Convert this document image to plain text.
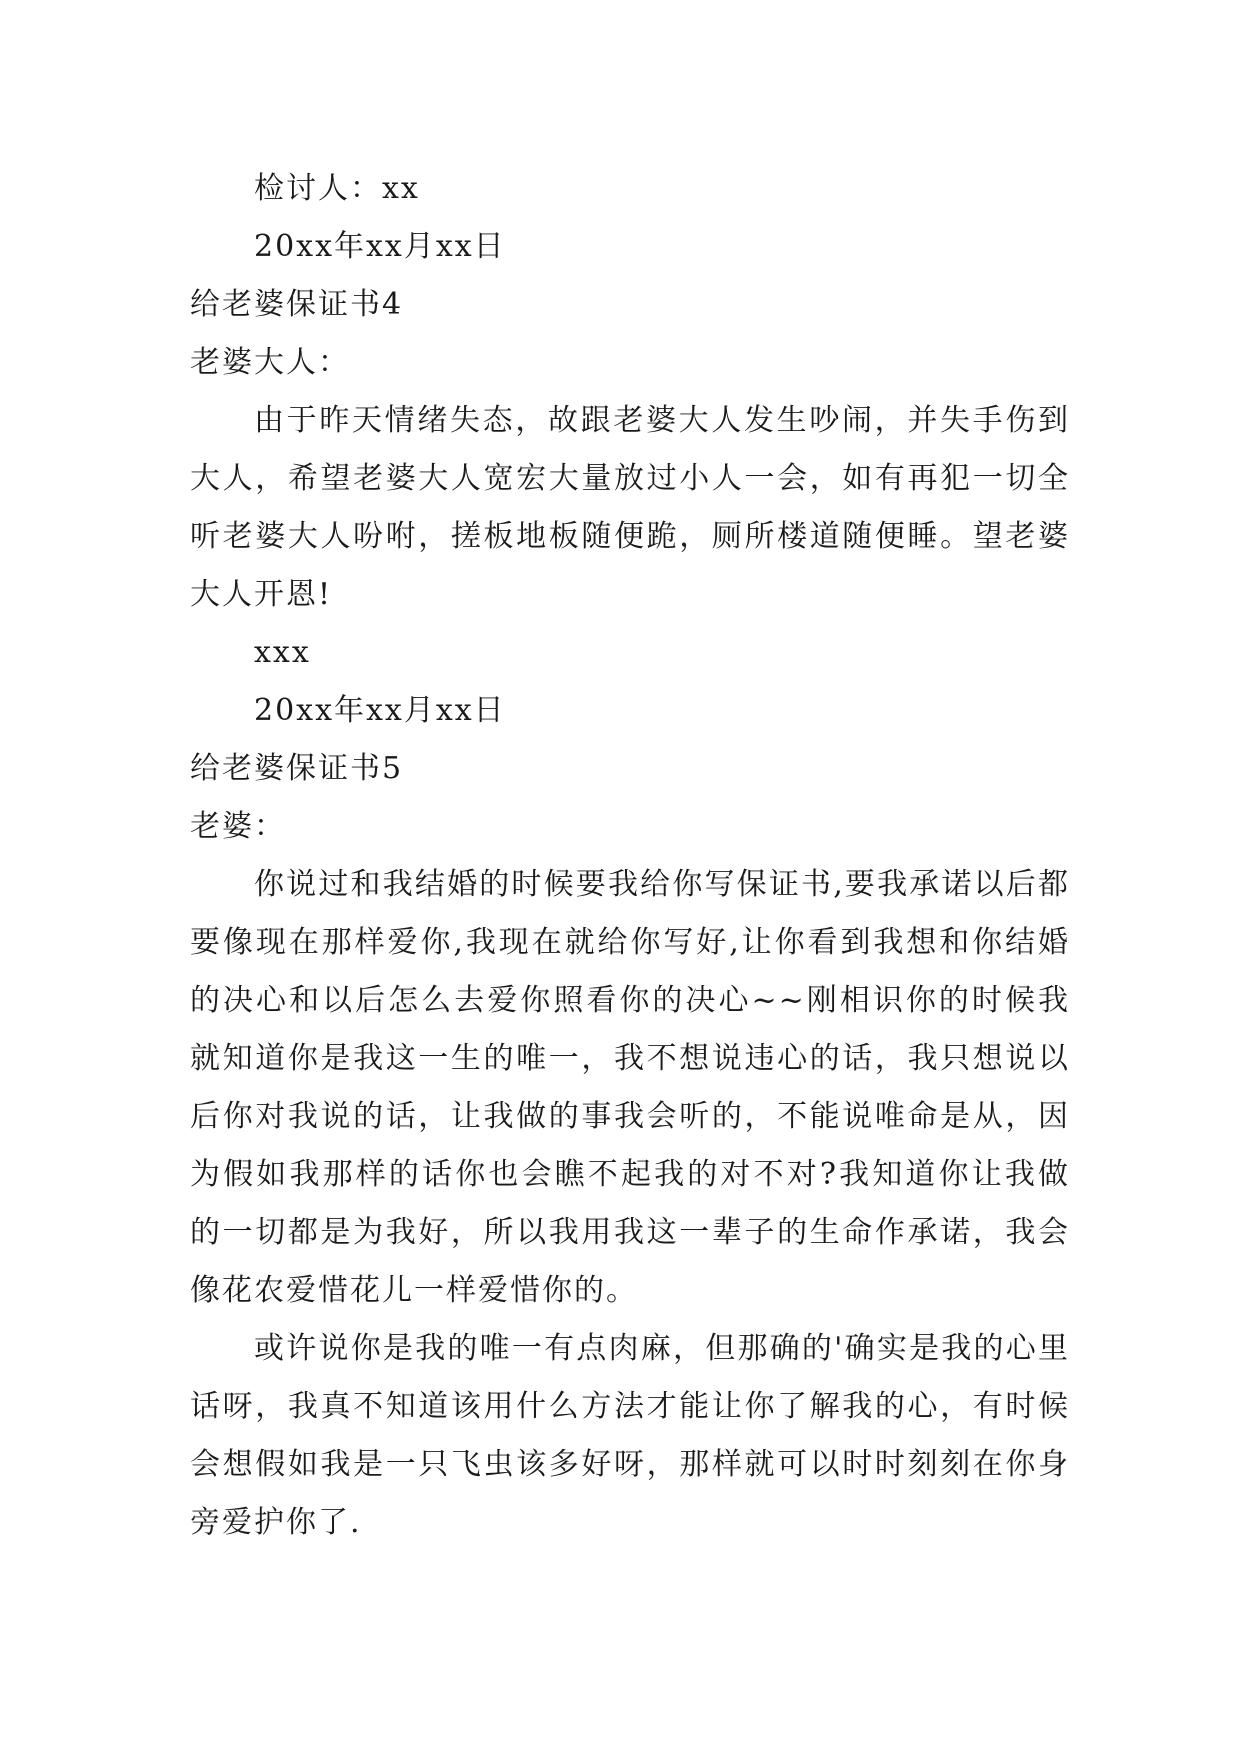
检讨人：xx

20xx年xx月xx日

给老婆保证书4

老婆大人：

由于昨天情绪失态，故跟老婆大人发生吵闹，并失手伤到大人，希望老婆大人宽宏大量放过小人一会，如有再犯一切全听老婆大人吩咐，搓板地板随便跪，厕所楼道随便睡。望老婆大人开恩!

xxx

20xx年xx月xx日

给老婆保证书5

老婆：

你说过和我结婚的时候要我给你写保证书,要我承诺以后都要像现在那样爱你,我现在就给你写好,让你看到我想和你结婚的决心和以后怎么去爱你照看你的决心~~刚相识你的时候我就知道你是我这一生的唯一，我不想说违心的话，我只想说以后你对我说的话，让我做的事我会听的，不能说唯命是从，因为假如我那样的话你也会瞧不起我的对不对?我知道你让我做的一切都是为我好，所以我用我这一辈子的生命作承诺，我会像花农爱惜花儿一样爱惜你的。

或许说你是我的唯一有点肉麻，但那确的'确实是我的心里话呀，我真不知道该用什么方法才能让你了解我的心，有时候会想假如我是一只飞虫该多好呀，那样就可以时时刻刻在你身旁爱护你了.
